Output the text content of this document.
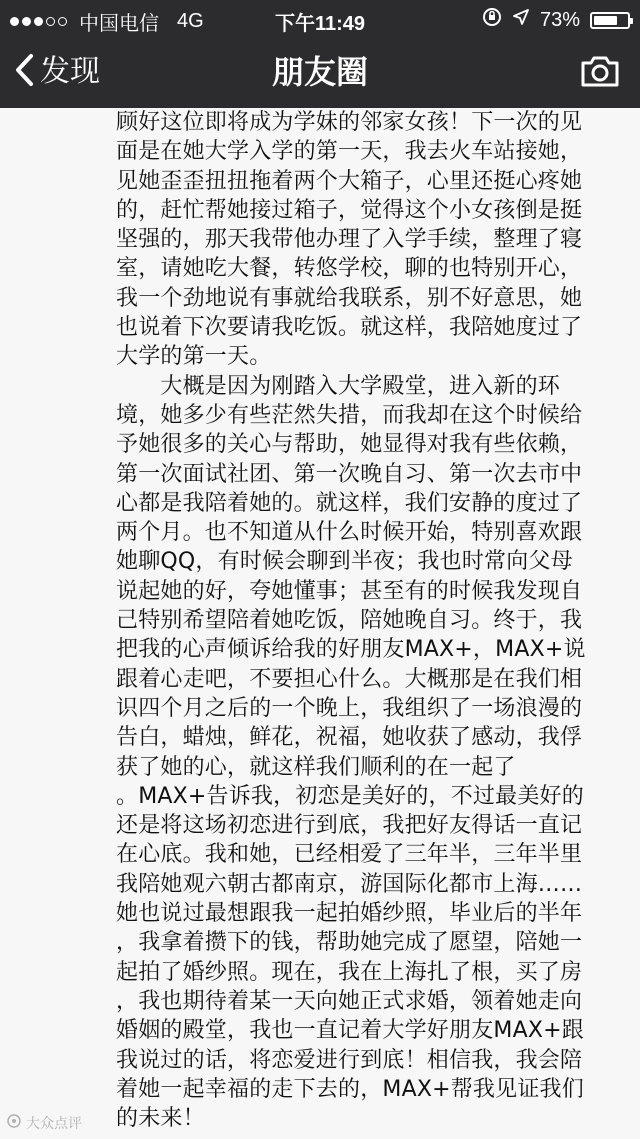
中国电信 4G	下午11:49	73%
发现	朋友圈
顾好这位即将成为学妹的邻家女孩！下一次的见
面是在她大学入学的第一天，我去火车站接她，
见她歪歪扭扭拖着两个大箱子，心里还挺心疼她
的，赶忙帮她接过箱子，觉得这个小女孩倒是挺
坚强的，那天我带他办理了入学手续，整理了寝
室，请她吃大餐，转悠学校，聊的也特别开心，
我一个劲地说有事就给我联系，别不好意思，她
也说着下次要请我吃饭。就这样，我陪她度过了
大学的第一天。
　　大概是因为刚踏入大学殿堂，进入新的环
境，她多少有些茫然失措，而我却在这个时候给
予她很多的关心与帮助，她显得对我有些依赖，
第一次面试社团、第一次晚自习、第一次去市中
心都是我陪着她的。就这样，我们安静的度过了
两个月。也不知道从什么时候开始，特别喜欢跟
她聊QQ，有时候会聊到半夜；我也时常向父母
说起她的好，夸她懂事；甚至有的时候我发现自
己特别希望陪着她吃饭，陪她晚自习。终于，我
把我的心声倾诉给我的好朋友MAX+，MAX+说
跟着心走吧，不要担心什么。大概那是在我们相
识四个月之后的一个晚上，我组织了一场浪漫的
告白，蜡烛，鲜花，祝福，她收获了感动，我俘
获了她的心，就这样我们顺利的在一起了
。MAX+告诉我，初恋是美好的，不过最美好的
还是将这场初恋进行到底，我把好友得话一直记
在心底。我和她，已经相爱了三年半，三年半里
我陪她观六朝古都南京，游国际化都市上海……
她也说过最想跟我一起拍婚纱照，毕业后的半年
，我拿着攒下的钱，帮助她完成了愿望，陪她一
起拍了婚纱照。现在，我在上海扎了根，买了房
，我也期待着某一天向她正式求婚，领着她走向
婚姻的殿堂，我也一直记着大学好朋友MAX+跟
我说过的话，将恋爱进行到底！相信我，我会陪
着她一起幸福的走下去的，MAX+帮我见证我们
的未来！
大众点评
